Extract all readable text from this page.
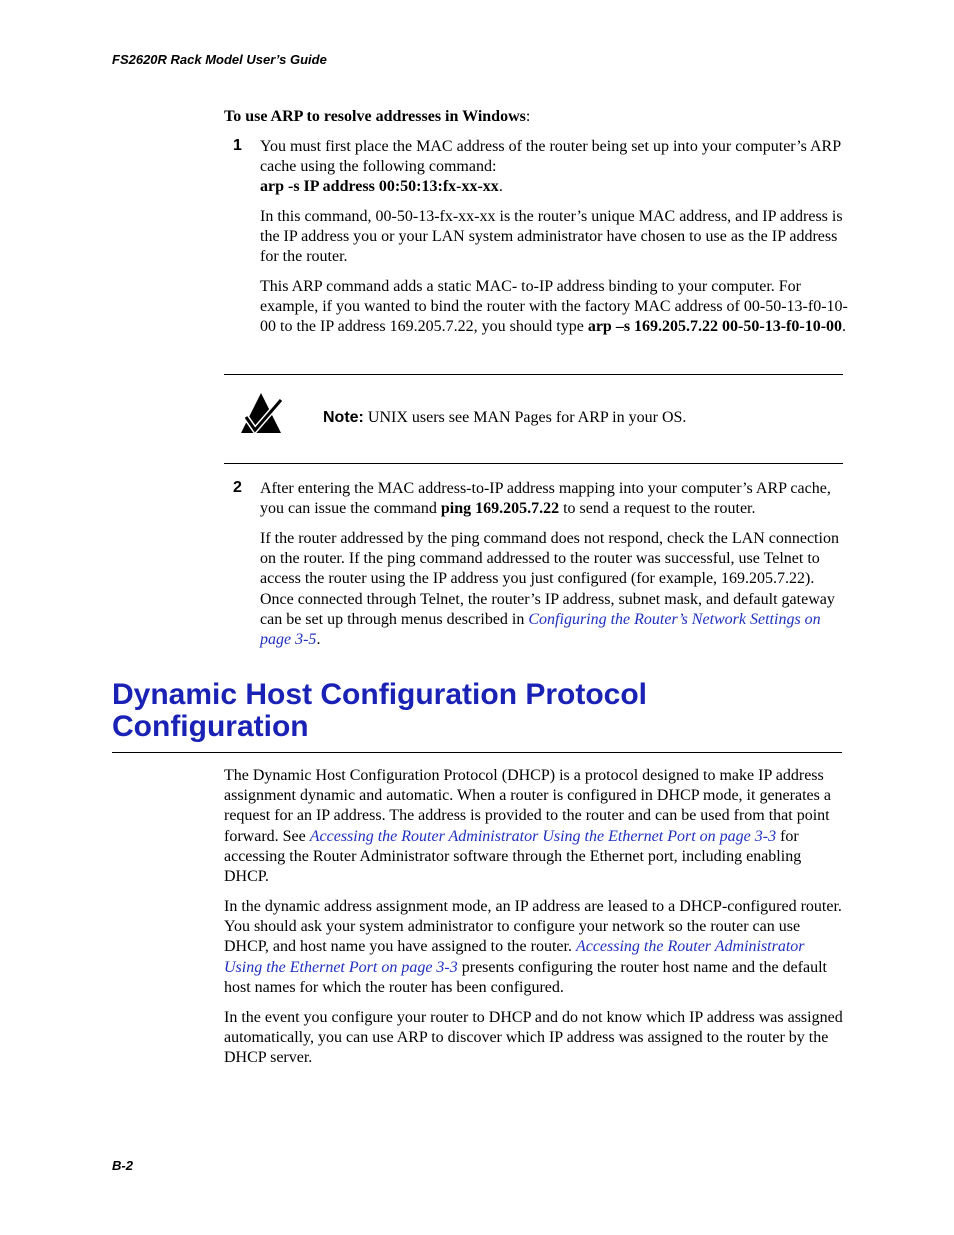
FS2620R Rack Model User’s Guide

To use ARP to resolve addresses in Windows:

1 You must first place the MAC address of the router being set up into your computer’s ARP cache using the following command:
arp -s IP address 00:50:13:fx-xx-xx.

In this command, 00-50-13-fx-xx-xx is the router’s unique MAC address, and IP address is the IP address you or your LAN system administrator have chosen to use as the IP address for the router.

This ARP command adds a static MAC- to-IP address binding to your computer. For example, if you wanted to bind the router with the factory MAC address of 00-50-13-f0-10-00 to the IP address 169.205.7.22, you should type arp –s 169.205.7.22 00-50-13-f0-10-00.

Note: UNIX users see MAN Pages for ARP in your OS.

2 After entering the MAC address-to-IP address mapping into your computer’s ARP cache, you can issue the command ping 169.205.7.22 to send a request to the router.

If the router addressed by the ping command does not respond, check the LAN connection on the router. If the ping command addressed to the router was successful, use Telnet to access the router using the IP address you just configured (for example, 169.205.7.22). Once connected through Telnet, the router’s IP address, subnet mask, and default gateway can be set up through menus described in Configuring the Router’s Network Settings on page 3-5.

Dynamic Host Configuration Protocol Configuration

The Dynamic Host Configuration Protocol (DHCP) is a protocol designed to make IP address assignment dynamic and automatic. When a router is configured in DHCP mode, it generates a request for an IP address. The address is provided to the router and can be used from that point forward. See Accessing the Router Administrator Using the Ethernet Port on page 3-3 for accessing the Router Administrator software through the Ethernet port, including enabling DHCP.

In the dynamic address assignment mode, an IP address are leased to a DHCP-configured router. You should ask your system administrator to configure your network so the router can use DHCP, and host name you have assigned to the router. Accessing the Router Administrator Using the Ethernet Port on page 3-3 presents configuring the router host name and the default host names for which the router has been configured.

In the event you configure your router to DHCP and do not know which IP address was assigned automatically, you can use ARP to discover which IP address was assigned to the router by the DHCP server.

B-2
